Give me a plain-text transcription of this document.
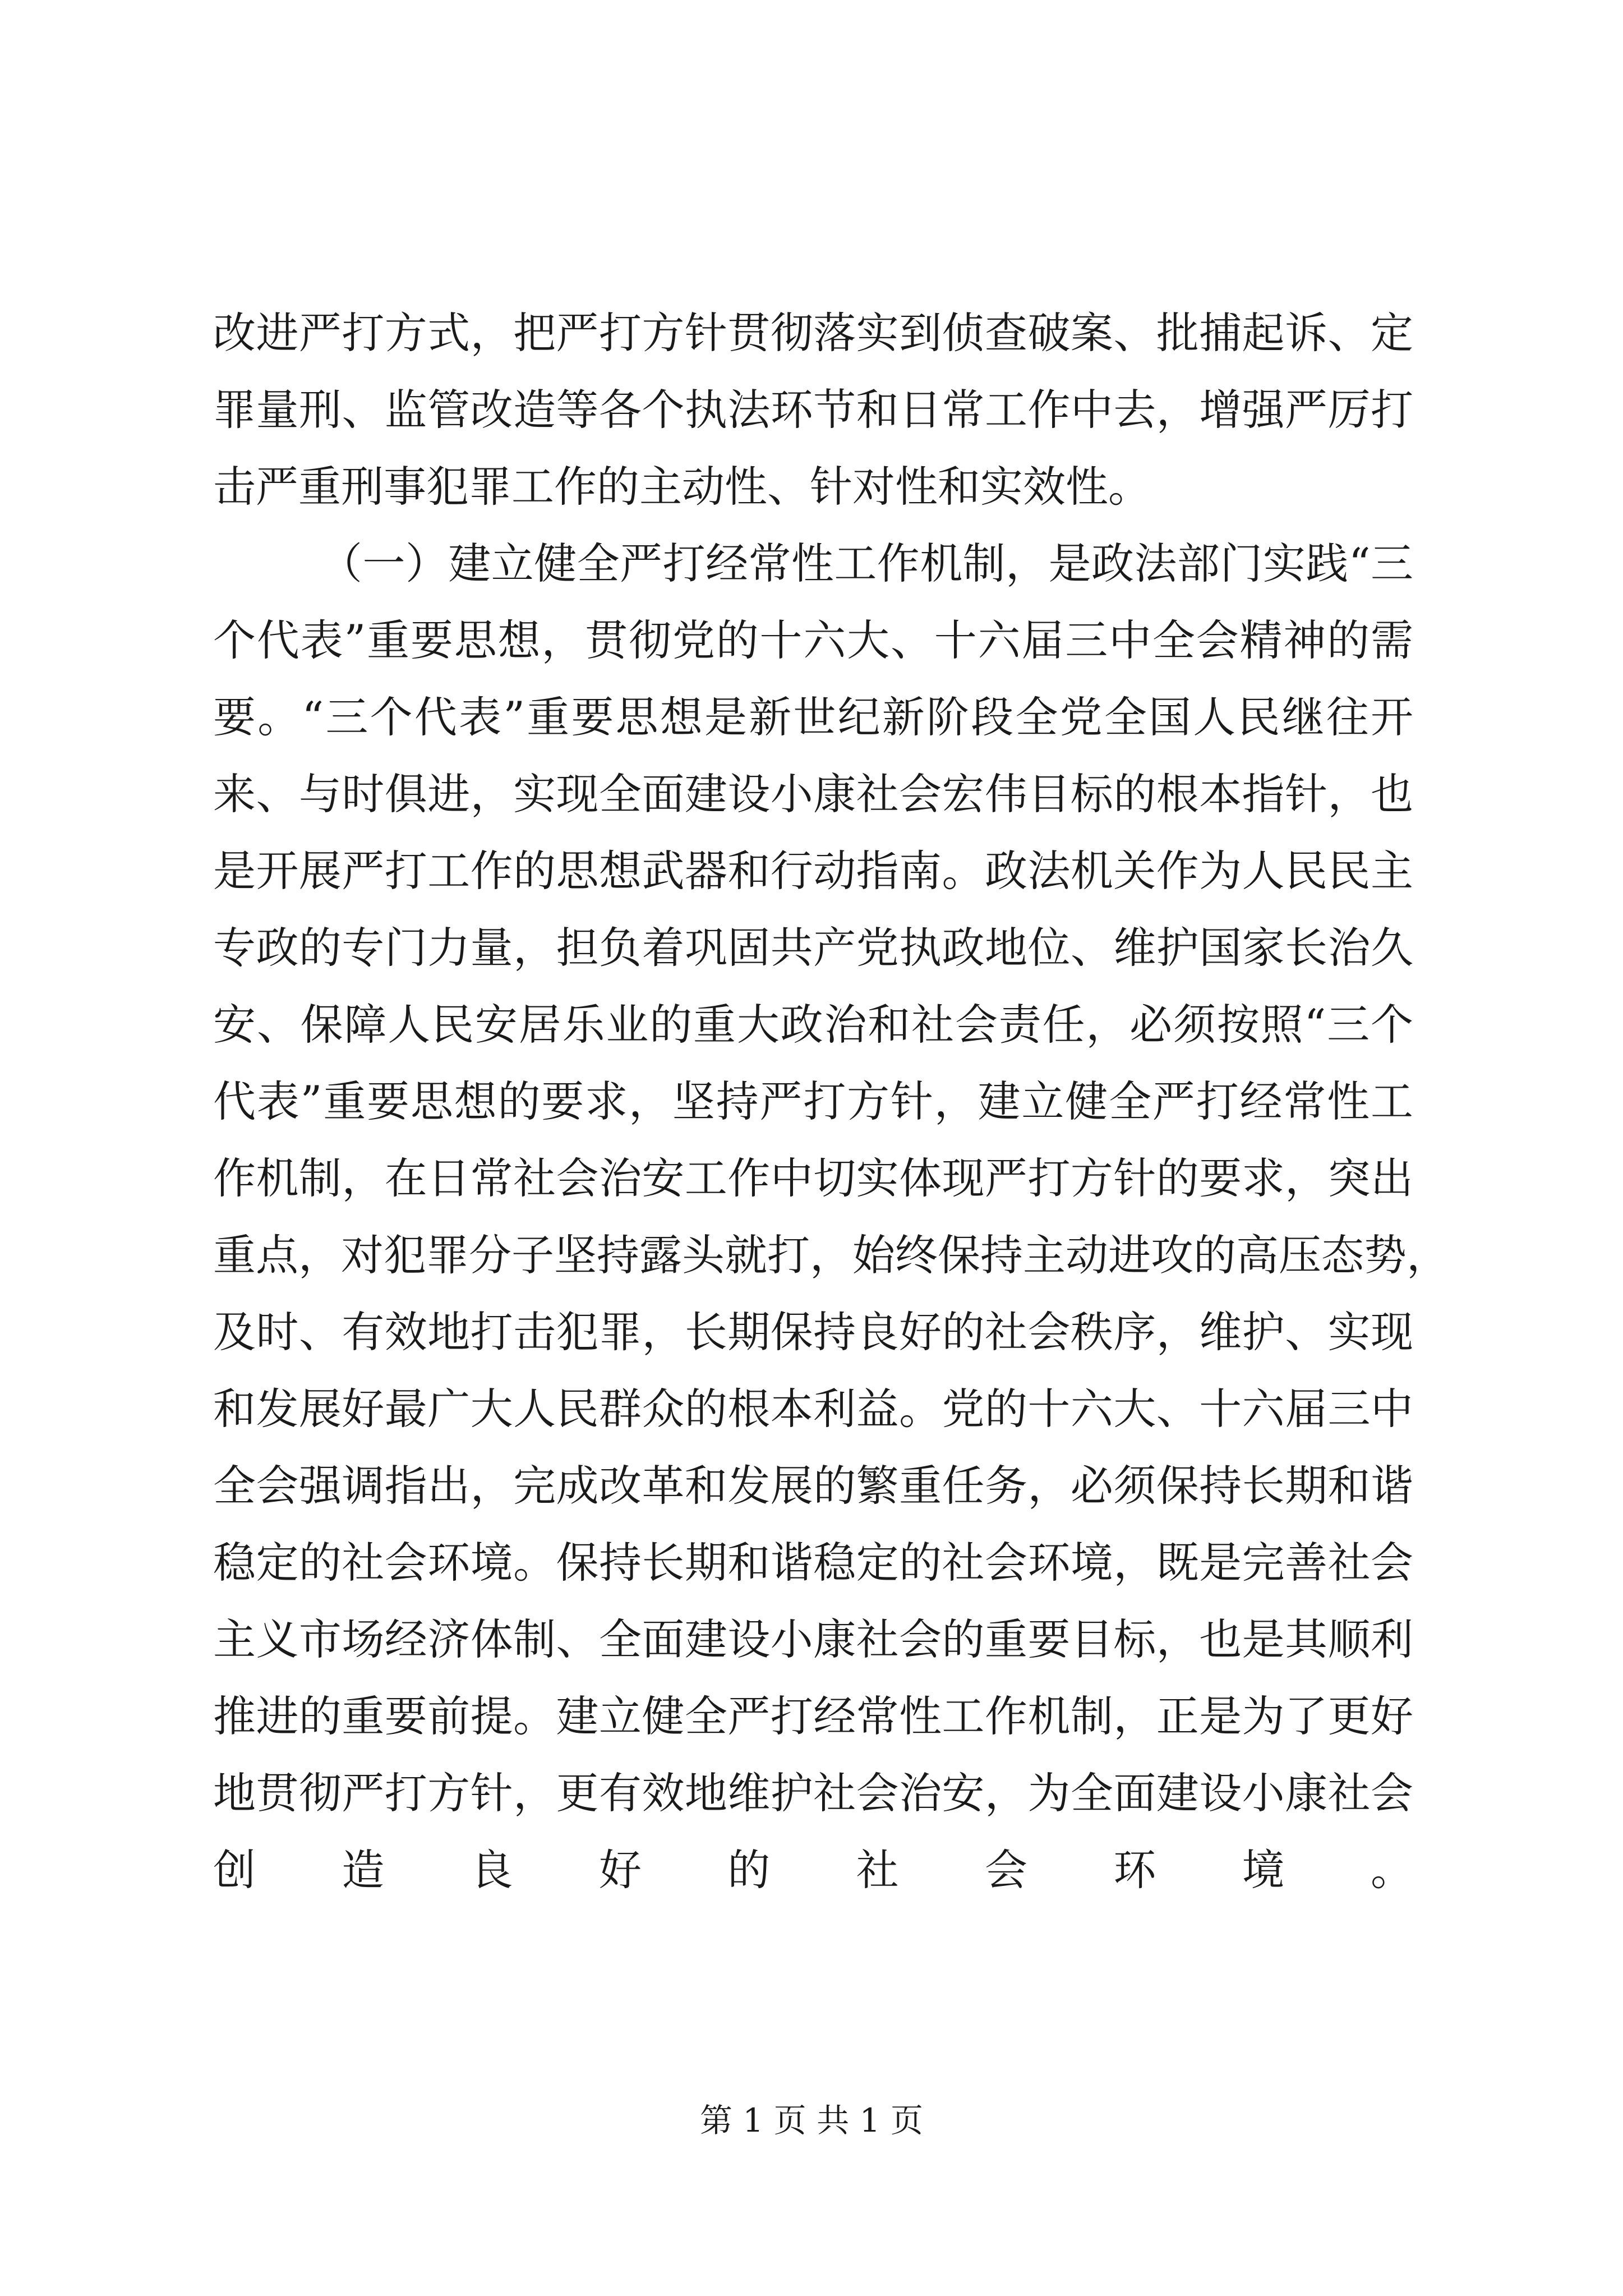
改进严打方式，把严打方针贯彻落实到侦查破案、批捕起诉、定
罪量刑、监管改造等各个执法环节和日常工作中去，增强严厉打
击严重刑事犯罪工作的主动性、针对性和实效性。
（一）建立健全严打经常性工作机制，是政法部门实践“三
个代表”重要思想，贯彻党的十六大、十六届三中全会精神的需
要。“三个代表”重要思想是新世纪新阶段全党全国人民继往开
来、与时俱进，实现全面建设小康社会宏伟目标的根本指针，也
是开展严打工作的思想武器和行动指南。政法机关作为人民民主
专政的专门力量，担负着巩固共产党执政地位、维护国家长治久
安、保障人民安居乐业的重大政治和社会责任，必须按照“三个
代表”重要思想的要求，坚持严打方针，建立健全严打经常性工
作机制，在日常社会治安工作中切实体现严打方针的要求，突出
重点，对犯罪分子坚持露头就打，始终保持主动进攻的高压态势，
及时、有效地打击犯罪，长期保持良好的社会秩序，维护、实现
和发展好最广大人民群众的根本利益。党的十六大、十六届三中
全会强调指出，完成改革和发展的繁重任务，必须保持长期和谐
稳定的社会环境。保持长期和谐稳定的社会环境，既是完善社会
主义市场经济体制、全面建设小康社会的重要目标，也是其顺利
推进的重要前提。建立健全严打经常性工作机制，正是为了更好
地贯彻严打方针，更有效地维护社会治安，为全面建设小康社会
创造良好的社会环境。
第 1 页 共 1 页
